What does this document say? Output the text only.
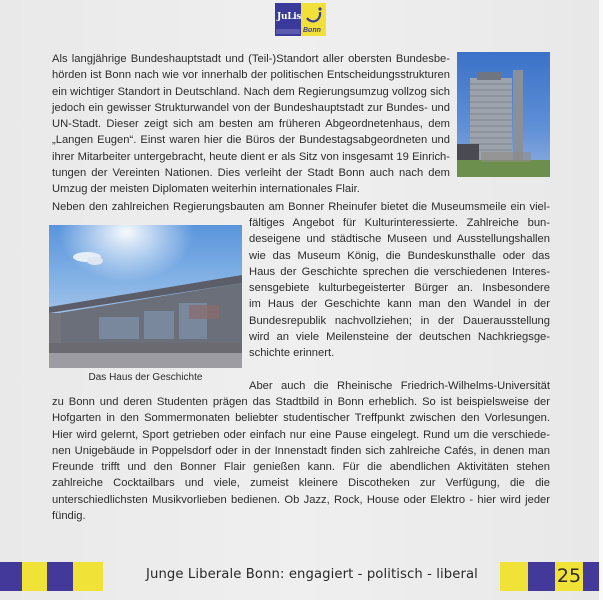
JuLis
Bonn
Als langjährige Bundeshauptstadt und (Teil-)Standort aller obersten Bundesbe-
hörden ist Bonn nach wie vor innerhalb der politischen Entscheidungsstrukturen
ein wichtiger Standort in Deutschland. Nach dem Regierungsumzug vollzog sich
jedoch ein gewisser Strukturwandel von der Bundeshauptstadt zur Bundes- und
UN-Stadt. Dieser zeigt sich am besten am früheren Abgeordnetenhaus, dem
„Langen Eugen“. Einst waren hier die Büros der Bundestagsabgeordneten und
ihrer Mitarbeiter untergebracht, heute dient er als Sitz von insgesamt 19 Einrich-
tungen der Vereinten Nationen. Dies verleiht der Stadt Bonn auch nach dem
Umzug der meisten Diplomaten weiterhin internationales Flair.
Neben den zahlreichen Regierungsbauten am Bonner Rheinufer bietet die Museumsmeile ein viel-
Das Haus der Geschichte
fältiges Angebot für Kulturinteressierte. Zahlreiche bun-
deseigene und städtische Museen und Ausstellungshallen
wie das Museum König, die Bundeskunsthalle oder das
Haus der Geschichte sprechen die verschiedenen Interes-
sensgebiete kulturbegeisterter Bürger an. Insbesondere
im Haus der Geschichte kann man den Wandel in der
Bundesrepublik nachvollziehen; in der Dauerausstellung
wird an viele Meilensteine der deutschen Nachkriegsge-
schichte erinnert.
Aber auch die Rheinische Friedrich-Wilhelms-Universität
zu Bonn und deren Studenten prägen das Stadtbild in Bonn erheblich. So ist beispielsweise der
Hofgarten in den Sommermonaten beliebter studentischer Treffpunkt zwischen den Vorlesungen.
Hier wird gelernt, Sport getrieben oder einfach nur eine Pause eingelegt. Rund um die verschiede-
nen Unigebäude in Poppelsdorf oder in der Innenstadt finden sich zahlreiche Cafés, in denen man
Freunde trifft und den Bonner Flair genießen kann. Für die abendlichen Aktivitäten stehen
zahlreiche Cocktailbars und viele, zumeist kleinere Discotheken zur Verfügung, die die
unterschiedlichsten Musikvorlieben bedienen. Ob Jazz, Rock, House oder Elektro - hier wird jeder
fündig.
Junge Liberale Bonn: engagiert - politisch - liberal	25
